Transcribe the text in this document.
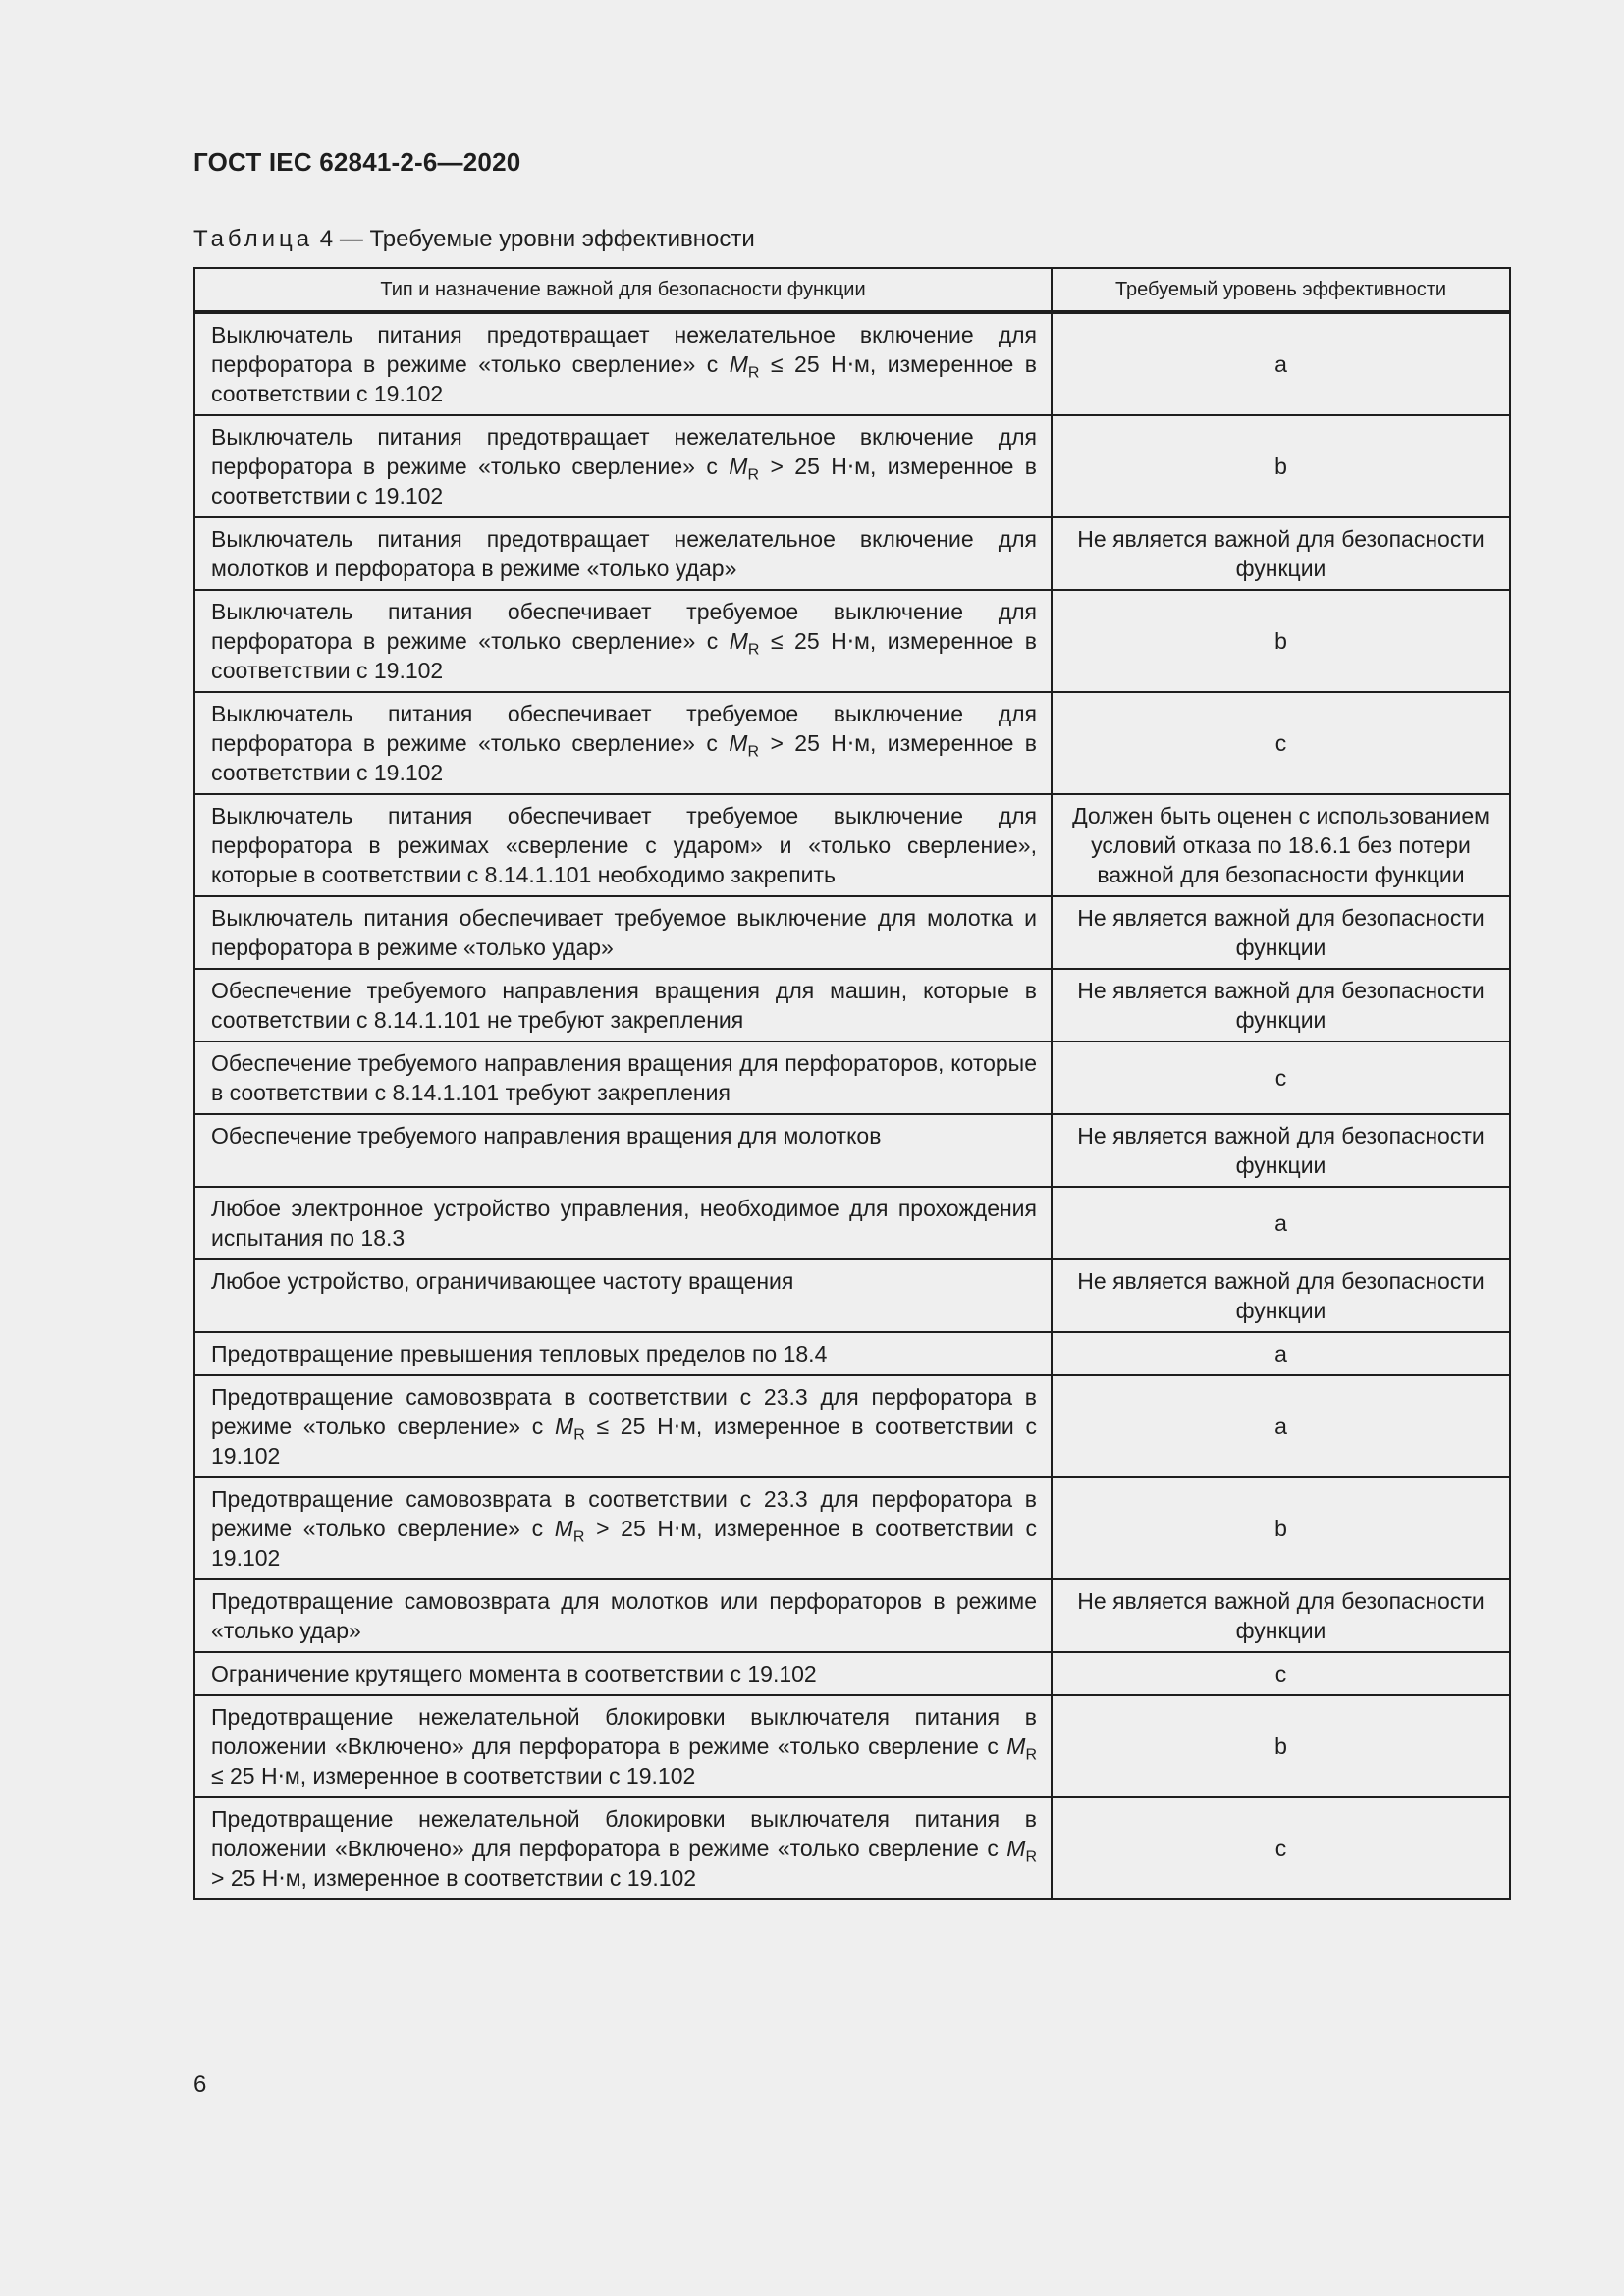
ГОСТ IEC 62841-2-6—2020
Таблица 4 — Требуемые уровни эффективности
Тип и назначение важной для безопасности функции	Требуемый уровень эффективности
Выключатель питания предотвращает нежелательное включение для перфоратора в режиме «только сверление» с $M_R \le 25$ Н⋅м, измеренное в соответствии с 19.102	a
Выключатель питания предотвращает нежелательное включение для перфоратора в режиме «только сверление» с $M_R > 25$ Н⋅м, измеренное в соответствии с 19.102	b
Выключатель питания предотвращает нежелательное включение для молотков и перфоратора в режиме «только удар»	Не является важной для безопасности функции
Выключатель питания обеспечивает требуемое выключение для перфоратора в режиме «только сверление» с $M_R \le 25$ Н⋅м, измеренное в соответствии с 19.102	b
Выключатель питания обеспечивает требуемое выключение для перфоратора в режиме «только сверление» с $M_R > 25$ Н⋅м, измеренное в соответствии с 19.102	c
Выключатель питания обеспечивает требуемое выключение для перфоратора в режимах «сверление с ударом» и «только сверление», которые в соответствии с 8.14.1.101 необходимо закрепить	Должен быть оценен с использованием условий отказа по 18.6.1 без потери важной для безопасности функции
Выключатель питания обеспечивает требуемое выключение для молотка и перфоратора в режиме «только удар»	Не является важной для безопасности функции
Обеспечение требуемого направления вращения для машин, которые в соответствии с 8.14.1.101 не требуют закрепления	Не является важной для безопасности функции
Обеспечение требуемого направления вращения для перфораторов, которые в соответствии с 8.14.1.101 требуют закрепления	c
Обеспечение требуемого направления вращения для молотков	Не является важной для безопасности функции
Любое электронное устройство управления, необходимое для прохождения испытания по 18.3	a
Любое устройство, ограничивающее частоту вращения	Не является важной для безопасности функции
Предотвращение превышения тепловых пределов по 18.4	a
Предотвращение самовозврата в соответствии с 23.3 для перфоратора в режиме «только сверление» с $M_R \le 25$ Н⋅м, измеренное в соответствии с 19.102	a
Предотвращение самовозврата в соответствии с 23.3 для перфоратора в режиме «только сверление» с $M_R > 25$ Н⋅м, измеренное в соответствии с 19.102	b
Предотвращение самовозврата для молотков или перфораторов в режиме «только удар»	Не является важной для безопасности функции
Ограничение крутящего момента в соответствии с 19.102	c
Предотвращение нежелательной блокировки выключателя питания в положении «Включено» для перфоратора в режиме «только сверление с $M_R \le 25$ Н⋅м, измеренное в соответствии с 19.102	b
Предотвращение нежелательной блокировки выключателя питания в положении «Включено» для перфоратора в режиме «только сверление с $M_R > 25$ Н⋅м, измеренное в соответствии с 19.102	c
6
